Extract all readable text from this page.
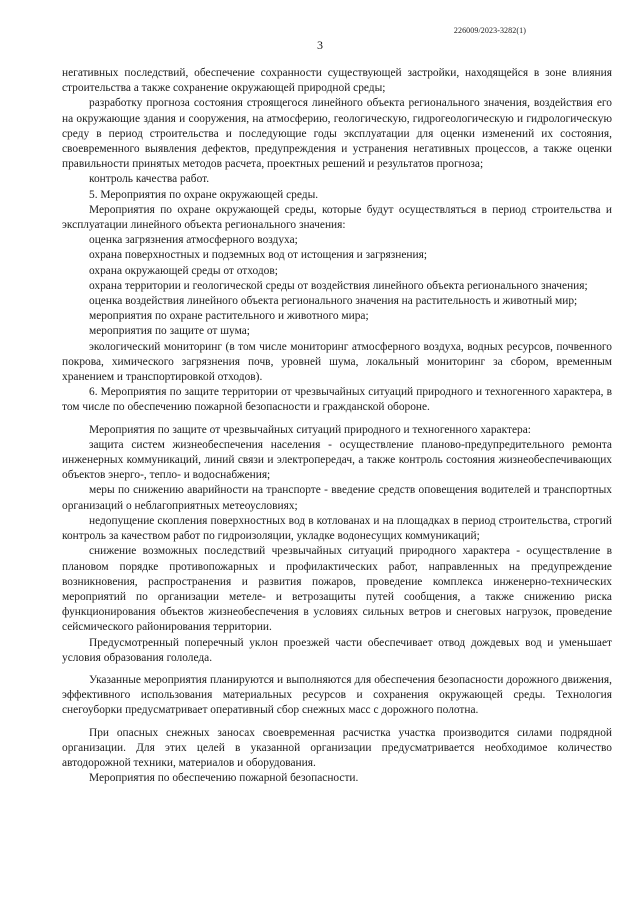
226009/2023-3282(1)
3

негативных последствий, обеспечение сохранности существующей застройки, находящейся в зоне влияния строительства а также сохранение окружающей природной среды;

разработку прогноза состояния строящегося линейного объекта регионального значения, воздействия его на окружающие здания и сооружения, на атмосферию, геологическую, гидрогеологическую и гидрологическую среду в период строительства и последующие годы эксплуатации для оценки изменений их состояния, своевременного выявления дефектов, предупреждения и устранения негативных процессов, а также оценки правильности принятых методов расчета, проектных решений и результатов прогноза;

контроль качества работ.

5. Мероприятия по охране окружающей среды.

Мероприятия по охране окружающей среды, которые будут осуществляться в период строительства и эксплуатации линейного объекта регионального значения:

оценка загрязнения атмосферного воздуха;

охрана поверхностных и подземных вод от истощения и загрязнения;

охрана окружающей среды от отходов;

охрана территории и геологической среды от воздействия линейного объекта регионального значения;

оценка воздействия линейного объекта регионального значения на растительность и животный мир;

мероприятия по охране растительного и животного мира;

мероприятия по защите от шума;

экологический мониторинг (в том числе мониторинг атмосферного воздуха, водных ресурсов, почвенного покрова, химического загрязнения почв, уровней шума, локальный мониторинг за сбором, временным хранением и транспортировкой отходов).

6. Мероприятия по защите территории от чрезвычайных ситуаций природного и техногенного характера, в том числе по обеспечению пожарной безопасности и гражданской обороне.

Мероприятия по защите от чрезвычайных ситуаций природного и техногенного характера:

защита систем жизнеобеспечения населения - осуществление планово-предупредительного ремонта инженерных коммуникаций, линий связи и электропередач, а также контроль состояния жизнеобеспечивающих объектов энерго-, тепло- и водоснабжения;

меры по снижению аварийности на транспорте - введение средств оповещения водителей и транспортных организаций о неблагоприятных метеоусловиях;

недопущение скопления поверхностных вод в котлованах и на площадках в период строительства, строгий контроль за качеством работ по гидроизоляции, укладке водонесущих коммуникаций;

снижение возможных последствий чрезвычайных ситуаций природного характера - осуществление в плановом порядке противопожарных и профилактических работ, направленных на предупреждение возникновения, распространения и развития пожаров, проведение комплекса инженерно-технических мероприятий по организации метеле- и ветрозащиты путей сообщения, а также снижению риска функционирования объектов жизнеобеспечения в условиях сильных ветров и снеговых нагрузок, проведение сейсмического районирования территории.

Предусмотренный поперечный уклон проезжей части обеспечивает отвод дождевых вод и уменьшает условия образования гололеда.

Указанные мероприятия планируются и выполняются для обеспечения безопасности дорожного движения, эффективного использования материальных ресурсов и сохранения окружающей среды. Технология снегоуборки предусматривает оперативный сбор снежных масс с дорожного полотна.

При опасных снежных заносах своевременная расчистка участка производится силами подрядной организации. Для этих целей в указанной организации предусматривается необходимое количество автодорожной техники, материалов и оборудования.

Мероприятия по обеспечению пожарной безопасности.
